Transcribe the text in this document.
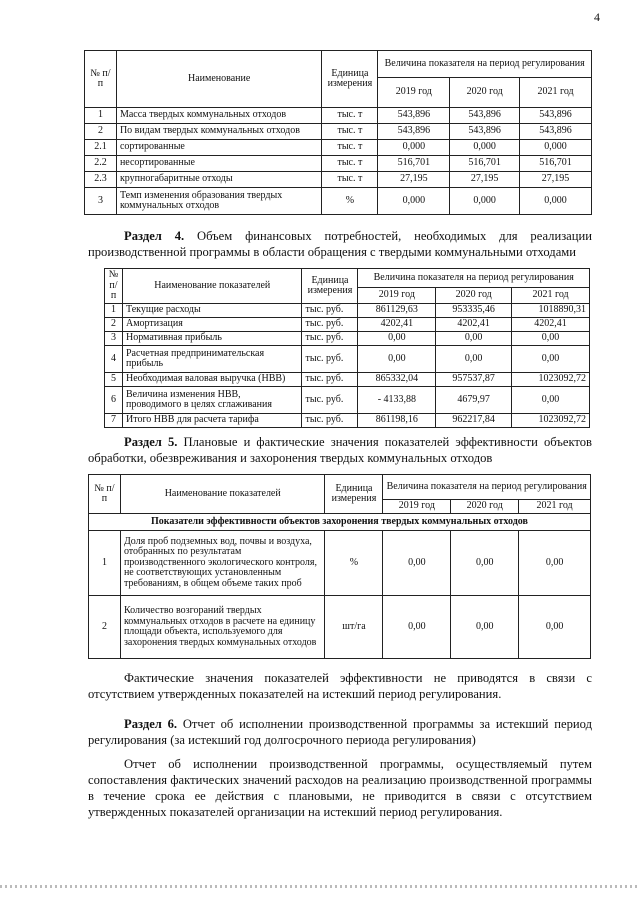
4
№ п/п	Наименование	Единица измерения	Величина показателя на период регулирования		
			2019 год	2020 год	2021 год
1	Масса твердых коммунальных отходов	тыс. т	543,896	543,896	543,896
2	По видам твердых коммунальных отходов	тыс. т	543,896	543,896	543,896
2.1	сортированные	тыс. т	0,000	0,000	0,000
2.2	несортированные	тыс. т	516,701	516,701	516,701
2.3	крупногабаритные отходы	тыс. т	27,195	27,195	27,195
3	Темп изменения образования твердых коммунальных отходов	%	0,000	0,000	0,000
Раздел 4. Объем финансовых потребностей, необходимых для реализации производственной программы в области обращения с твердыми коммунальными отходами
№ п/п	Наименование показателей	Единица измерения	Величина показателя на период регулирования		
			2019 год	2020 год	2021 год
1	Текущие расходы	тыс. руб.	861129,63	953335,46	1018890,31
2	Амортизация	тыс. руб.	4202,41	4202,41	4202,41
3	Нормативная прибыль	тыс. руб.	0,00	0,00	0,00
4	Расчетная предпринимательская прибыль	тыс. руб.	0,00	0,00	0,00
5	Необходимая валовая выручка (НВВ)	тыс. руб.	865332,04	957537,87	1023092,72
6	Величина изменения НВВ, проводимого в целях сглаживания	тыс. руб.	- 4133,88	4679,97	0,00
7	Итого НВВ для расчета тарифа	тыс. руб.	861198,16	962217,84	1023092,72
Раздел 5. Плановые и фактические значения показателей эффективности объектов обработки, обезвреживания и захоронения твердых коммунальных отходов
№ п/п	Наименование показателей	Единица измерения	Величина показателя на период регулирования		
			2019 год	2020 год	2021 год
Показатели эффективности объектов захоронения твердых коммунальных отходов					
1	Доля проб подземных вод, почвы и воздуха, отобранных по результатам производственного экологического контроля, не соответствующих установленным требованиям, в общем объеме таких проб	%	0,00	0,00	0,00
2	Количество возгораний твердых коммунальных отходов в расчете на единицу площади объекта, используемого для захоронения твердых коммунальных отходов	шт/га	0,00	0,00	0,00
Фактические значения показателей эффективности не приводятся в связи с отсутствием утвержденных показателей на истекший период регулирования.
Раздел 6. Отчет об исполнении производственной программы за истекший период регулирования (за истекший год долгосрочного периода регулирования)
Отчет об исполнении производственной программы, осуществляемый путем сопоставления фактических значений расходов на реализацию производственной программы в течение срока ее действия с плановыми, не приводится в связи с отсутствием утвержденных показателей организации на истекший период регулирования.
